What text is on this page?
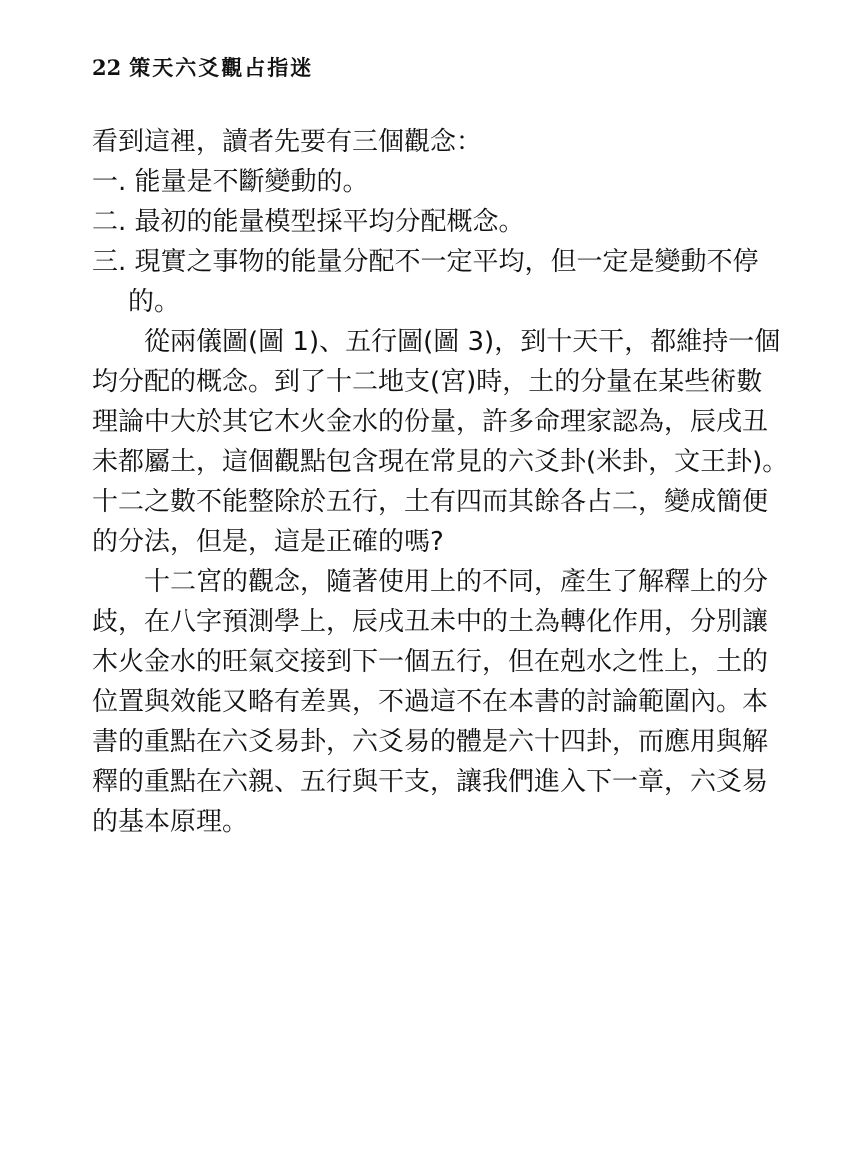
22 策天六爻觀占指迷
看到這裡，讀者先要有三個觀念：
一. 能量是不斷變動的。
二. 最初的能量模型採平均分配概念。
三. 現實之事物的能量分配不一定平均，但一定是變動不停
的。
從兩儀圖(圖 1)、五行圖(圖 3)，到十天干，都維持一個
均分配的概念。到了十二地支(宮)時，土的分量在某些術數
理論中大於其它木火金水的份量，許多命理家認為，辰戌丑
未都屬土，這個觀點包含現在常見的六爻卦(米卦，文王卦)。
十二之數不能整除於五行，土有四而其餘各占二，變成簡便
的分法，但是，這是正確的嗎?
十二宮的觀念，隨著使用上的不同，產生了解釋上的分
歧，在八字預測學上，辰戌丑未中的土為轉化作用，分別讓
木火金水的旺氣交接到下一個五行，但在剋水之性上，土的
位置與效能又略有差異，不過這不在本書的討論範圍內。本
書的重點在六爻易卦，六爻易的體是六十四卦，而應用與解
釋的重點在六親、五行與干支，讓我們進入下一章，六爻易
的基本原理。
